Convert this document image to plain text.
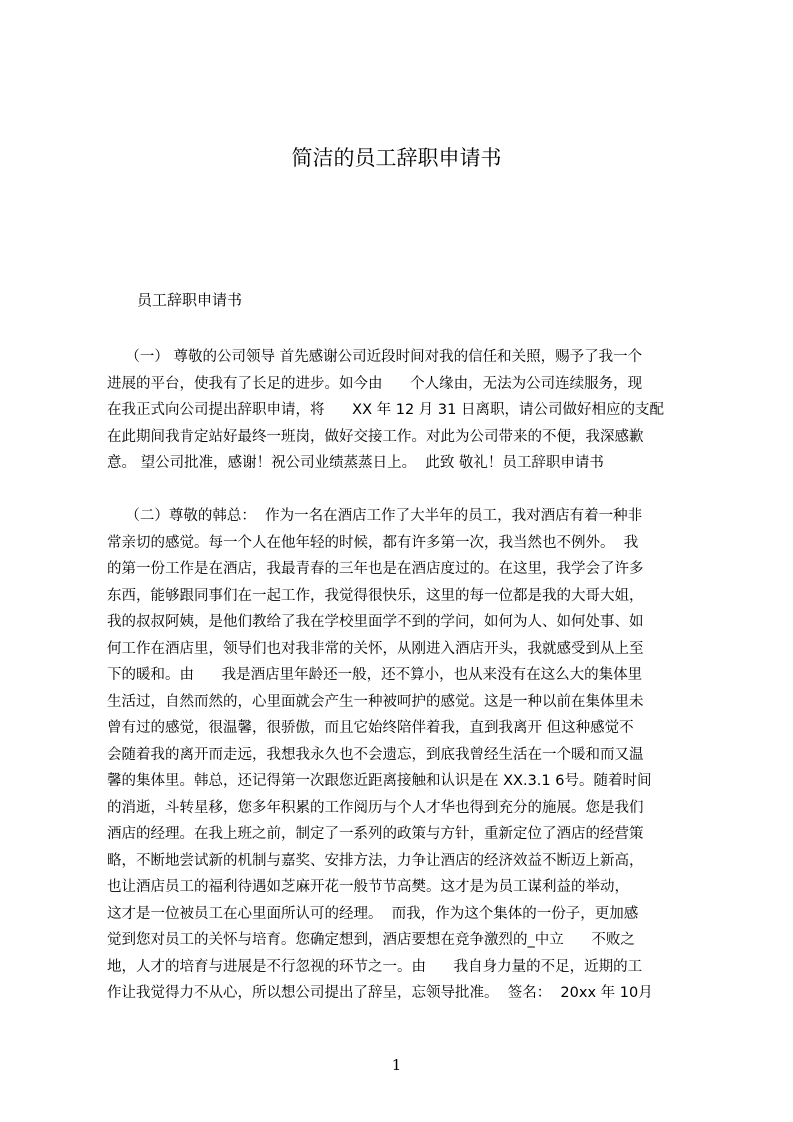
简洁的员工辞职申请书

员工辞职申请书

（一） 尊敬的公司领导 首先感谢公司近段时间对我的信任和关照，赐予了我一个
进展的平台，使我有了长足的进步。如今由      个人缘由，无法为公司连续服务，现
在我正式向公司提出辞职申请，将      XX 年 12 月 31 日离职，请公司做好相应的支配
在此期间我肯定站好最终一班岗，做好交接工作。对此为公司带来的不便，我深感歉
意。 望公司批准，感谢！祝公司业绩蒸蒸日上。  此致 敬礼！员工辞职申请书
（二）尊敬的韩总：  作为一名在酒店工作了大半年的员工，我对酒店有着一种非
常亲切的感觉。每一个人在他年轻的时候，都有许多第一次，我当然也不例外。  我
的第一份工作是在酒店，我最青春的三年也是在酒店度过的。在这里，我学会了许多
东西，能够跟同事们在一起工作，我觉得很快乐，这里的每一位都是我的大哥大姐，
我的叔叔阿姨，是他们教给了我在学校里面学不到的学问，如何为人、如何处事、如
何工作在酒店里，领导们也对我非常的关怀，从刚进入酒店开头，我就感受到从上至
下的暖和。由      我是酒店里年龄还一般，还不算小，也从来没有在这么大的集体里
生活过，自然而然的，心里面就会产生一种被呵护的感觉。这是一种以前在集体里未
曾有过的感觉，很温馨，很骄傲，而且它始终陪伴着我，直到我离开 但这种感觉不
会随着我的离开而走远，我想我永久也不会遗忘，到底我曾经生活在一个暖和而又温
馨的集体里。韩总，还记得第一次跟您近距离接触和认识是在 XX.3.1 6号。随着时间
的消逝，斗转星移，您多年积累的工作阅历与个人才华也得到充分的施展。您是我们
酒店的经理。在我上班之前，制定了一系列的政策与方针，重新定位了酒店的经营策
略，不断地尝试新的机制与嘉奖、安排方法，力争让酒店的经济效益不断迈上新高，
也让酒店员工的福利待遇如芝麻开花一般节节高樊。这才是为员工谋利益的举动，
这才是一位被员工在心里面所认可的经理。  而我，作为这个集体的一份子，更加感
觉到您对员工的关怀与培育。您确定想到，酒店要想在竞争激烈的_中立      不败之
地，人才的培育与进展是不行忽视的环节之一。由      我自身力量的不足，近期的工
作让我觉得力不从心，所以想公司提出了辞呈，忘领导批准。  签名：  20xx 年 10月

1
